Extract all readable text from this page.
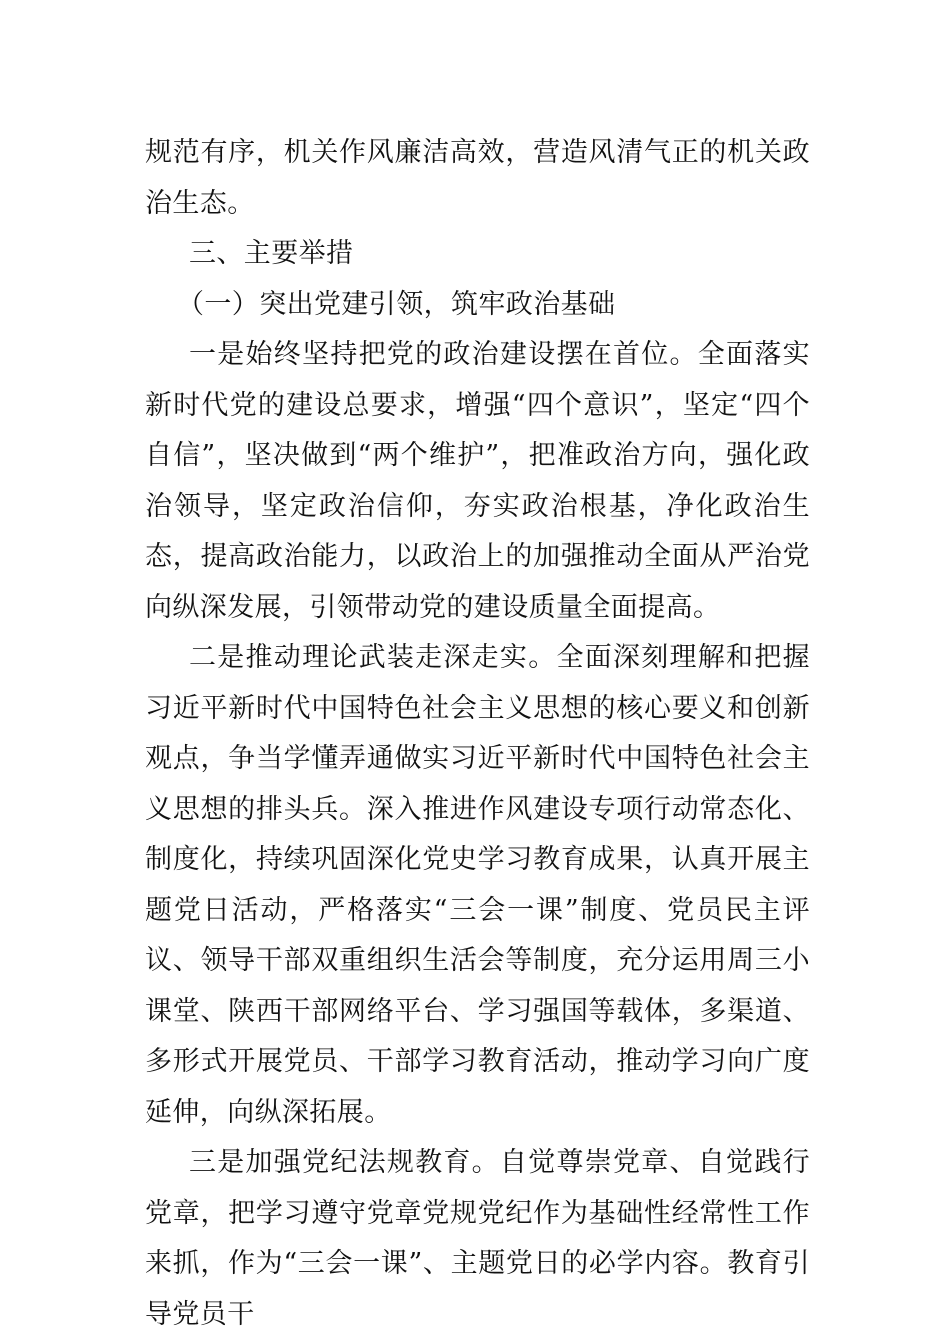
规范有序，机关作风廉洁高效，营造风清气正的机关政治生态。

三、主要举措

（一）突出党建引领，筑牢政治基础

一是始终坚持把党的政治建设摆在首位。全面落实新时代党的建设总要求，增强“四个意识”，坚定“四个自信”，坚决做到“两个维护”，把准政治方向，强化政治领导，坚定政治信仰，夯实政治根基，净化政治生态，提高政治能力，以政治上的加强推动全面从严治党向纵深发展，引领带动党的建设质量全面提高。

二是推动理论武装走深走实。全面深刻理解和把握习近平新时代中国特色社会主义思想的核心要义和创新观点，争当学懂弄通做实习近平新时代中国特色社会主义思想的排头兵。深入推进作风建设专项行动常态化、制度化，持续巩固深化党史学习教育成果，认真开展主题党日活动，严格落实“三会一课”制度、党员民主评议、领导干部双重组织生活会等制度，充分运用周三小课堂、陕西干部网络平台、学习强国等载体，多渠道、多形式开展党员、干部学习教育活动，推动学习向广度延伸，向纵深拓展。

三是加强党纪法规教育。自觉尊崇党章、自觉践行党章，把学习遵守党章党规党纪作为基础性经常性工作来抓，作为“三会一课”、主题党日的必学内容。教育引导党员干
